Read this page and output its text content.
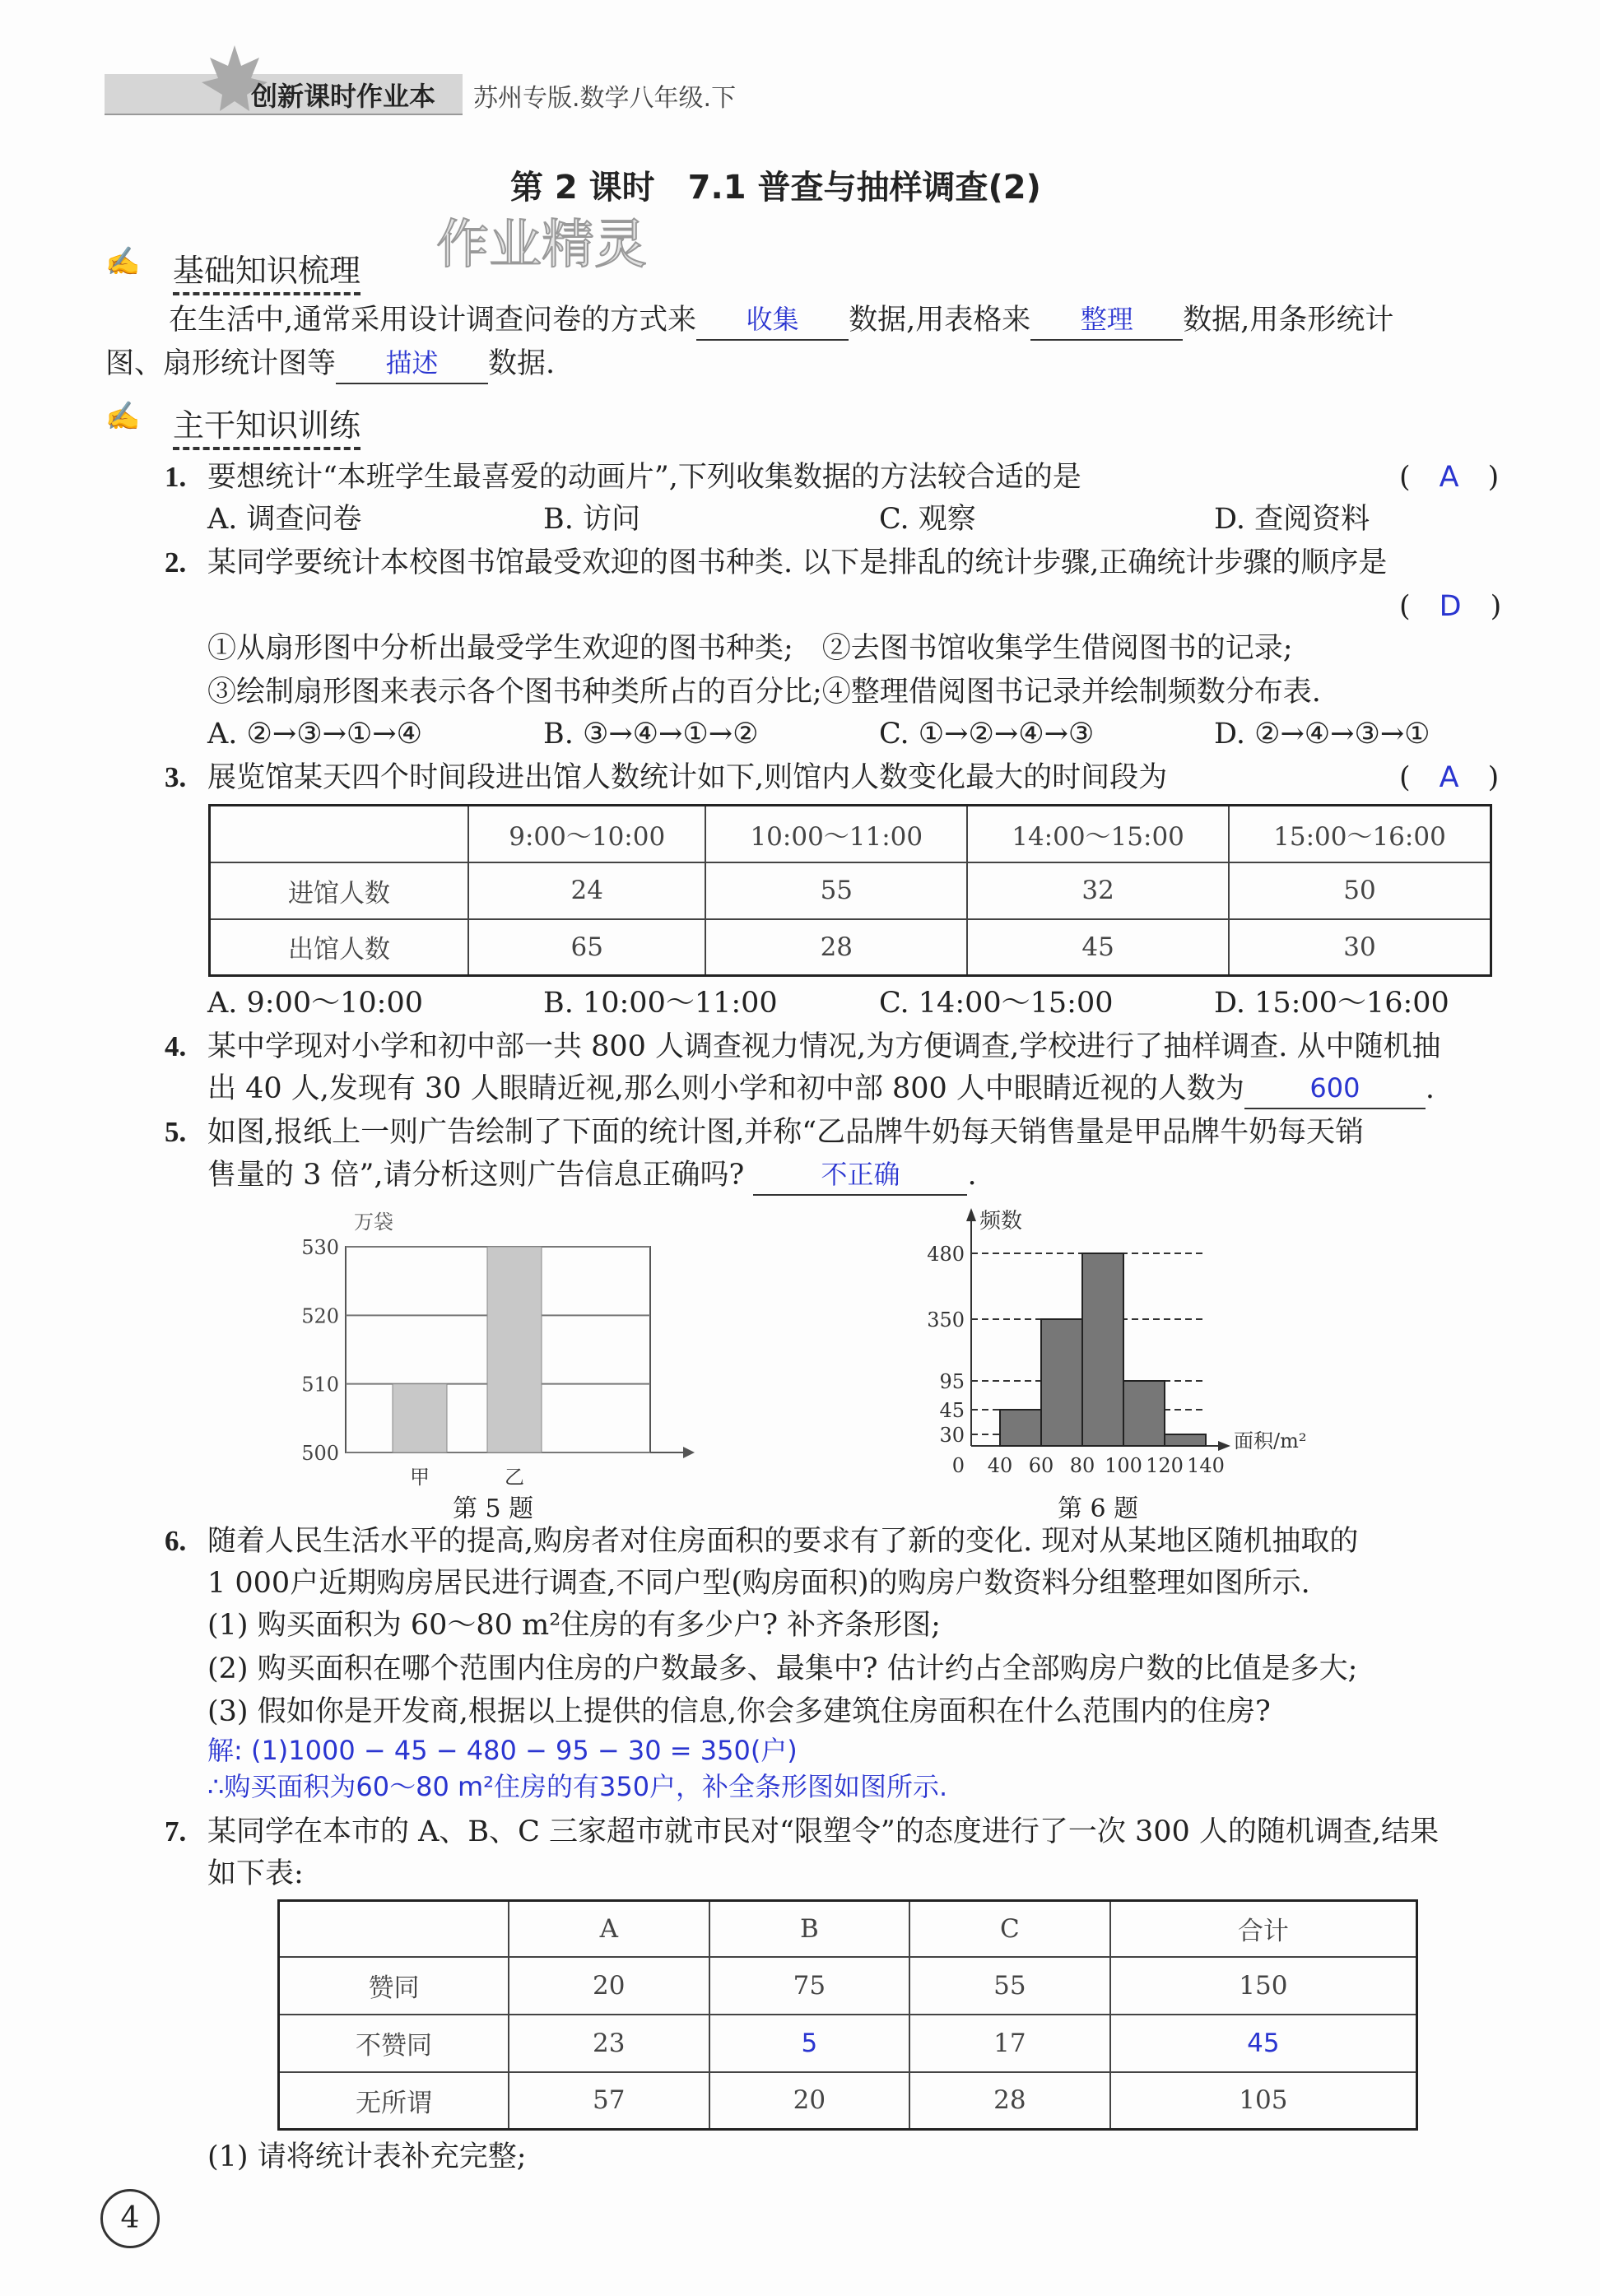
创新课时作业本 苏州专版.数学八年级.下
第 2 课时　7.1 普查与抽样调查(2)
作业精灵
✍ 基础知识梳理
在生活中,通常采用设计调查问卷的方式来 收集 数据,用表格来 整理 数据,用条形统计
图、扇形统计图等 描述 数据.
✍ 主干知识训练
1. 要想统计“本班学生最喜爱的动画片”,下列收集数据的方法较合适的是	(　A　)
A. 调查问卷	B. 访问	C. 观察	D. 查阅资料
2. 某同学要统计本校图书馆最受欢迎的图书种类. 以下是排乱的统计步骤,正确统计步骤的顺序是
(　D　)
①从扇形图中分析出最受学生欢迎的图书种类;　②去图书馆收集学生借阅图书的记录;
③绘制扇形图来表示各个图书种类所占的百分比;④整理借阅图书记录并绘制频数分布表.
A. ②→③→①→④	B. ③→④→①→②	C. ①→②→④→③	D. ②→④→③→①
3. 展览馆某天四个时间段进出馆人数统计如下,则馆内人数变化最大的时间段为	(　A　)
	9:00～10:00	10:00～11:00	14:00～15:00	15:00～16:00
进馆人数	24	55	32	50
出馆人数	65	28	45	30
A. 9:00～10:00	B. 10:00～11:00	C. 14:00～15:00	D. 15:00～16:00
4. 某中学现对小学和初中部一共 800 人调查视力情况,为方便调查,学校进行了抽样调查. 从中随机抽
出 40 人,发现有 30 人眼睛近视,那么则小学和初中部 800 人中眼睛近视的人数为 600 .
5. 如图,报纸上一则广告绘制了下面的统计图,并称“乙品牌牛奶每天销售量是甲品牌牛奶每天销
售量的 3 倍”,请分析这则广告信息正确吗?	不正确 .
500
510
520
530
万袋
甲	乙
频数
面积/m²
0
30
45
95
350
480
40 60 80 100 120 140
第 5 题	第 6 题
6. 随着人民生活水平的提高,购房者对住房面积的要求有了新的变化. 现对从某地区随机抽取的
1 000户近期购房居民进行调查,不同户型(购房面积)的购房户数资料分组整理如图所示.
(1) 购买面积为 60～80 m²住房的有多少户? 补齐条形图;
(2) 购买面积在哪个范围内住房的户数最多、最集中? 估计约占全部购房户数的比值是多大;
(3) 假如你是开发商,根据以上提供的信息,你会多建筑住房面积在什么范围内的住房?
解: (1)1000 − 45 − 480 − 95 − 30 = 350(户)
∴购买面积为60～80 m²住房的有350户，补全条形图如图所示.
7. 某同学在本市的 A、B、C 三家超市就市民对“限塑令”的态度进行了一次 300 人的随机调查,结果
如下表:
	A	B	C	合计
赞同	20	75	55	150
不赞同	23	5	17	45
无所谓	57	20	28	105
(1) 请将统计表补充完整;
4
